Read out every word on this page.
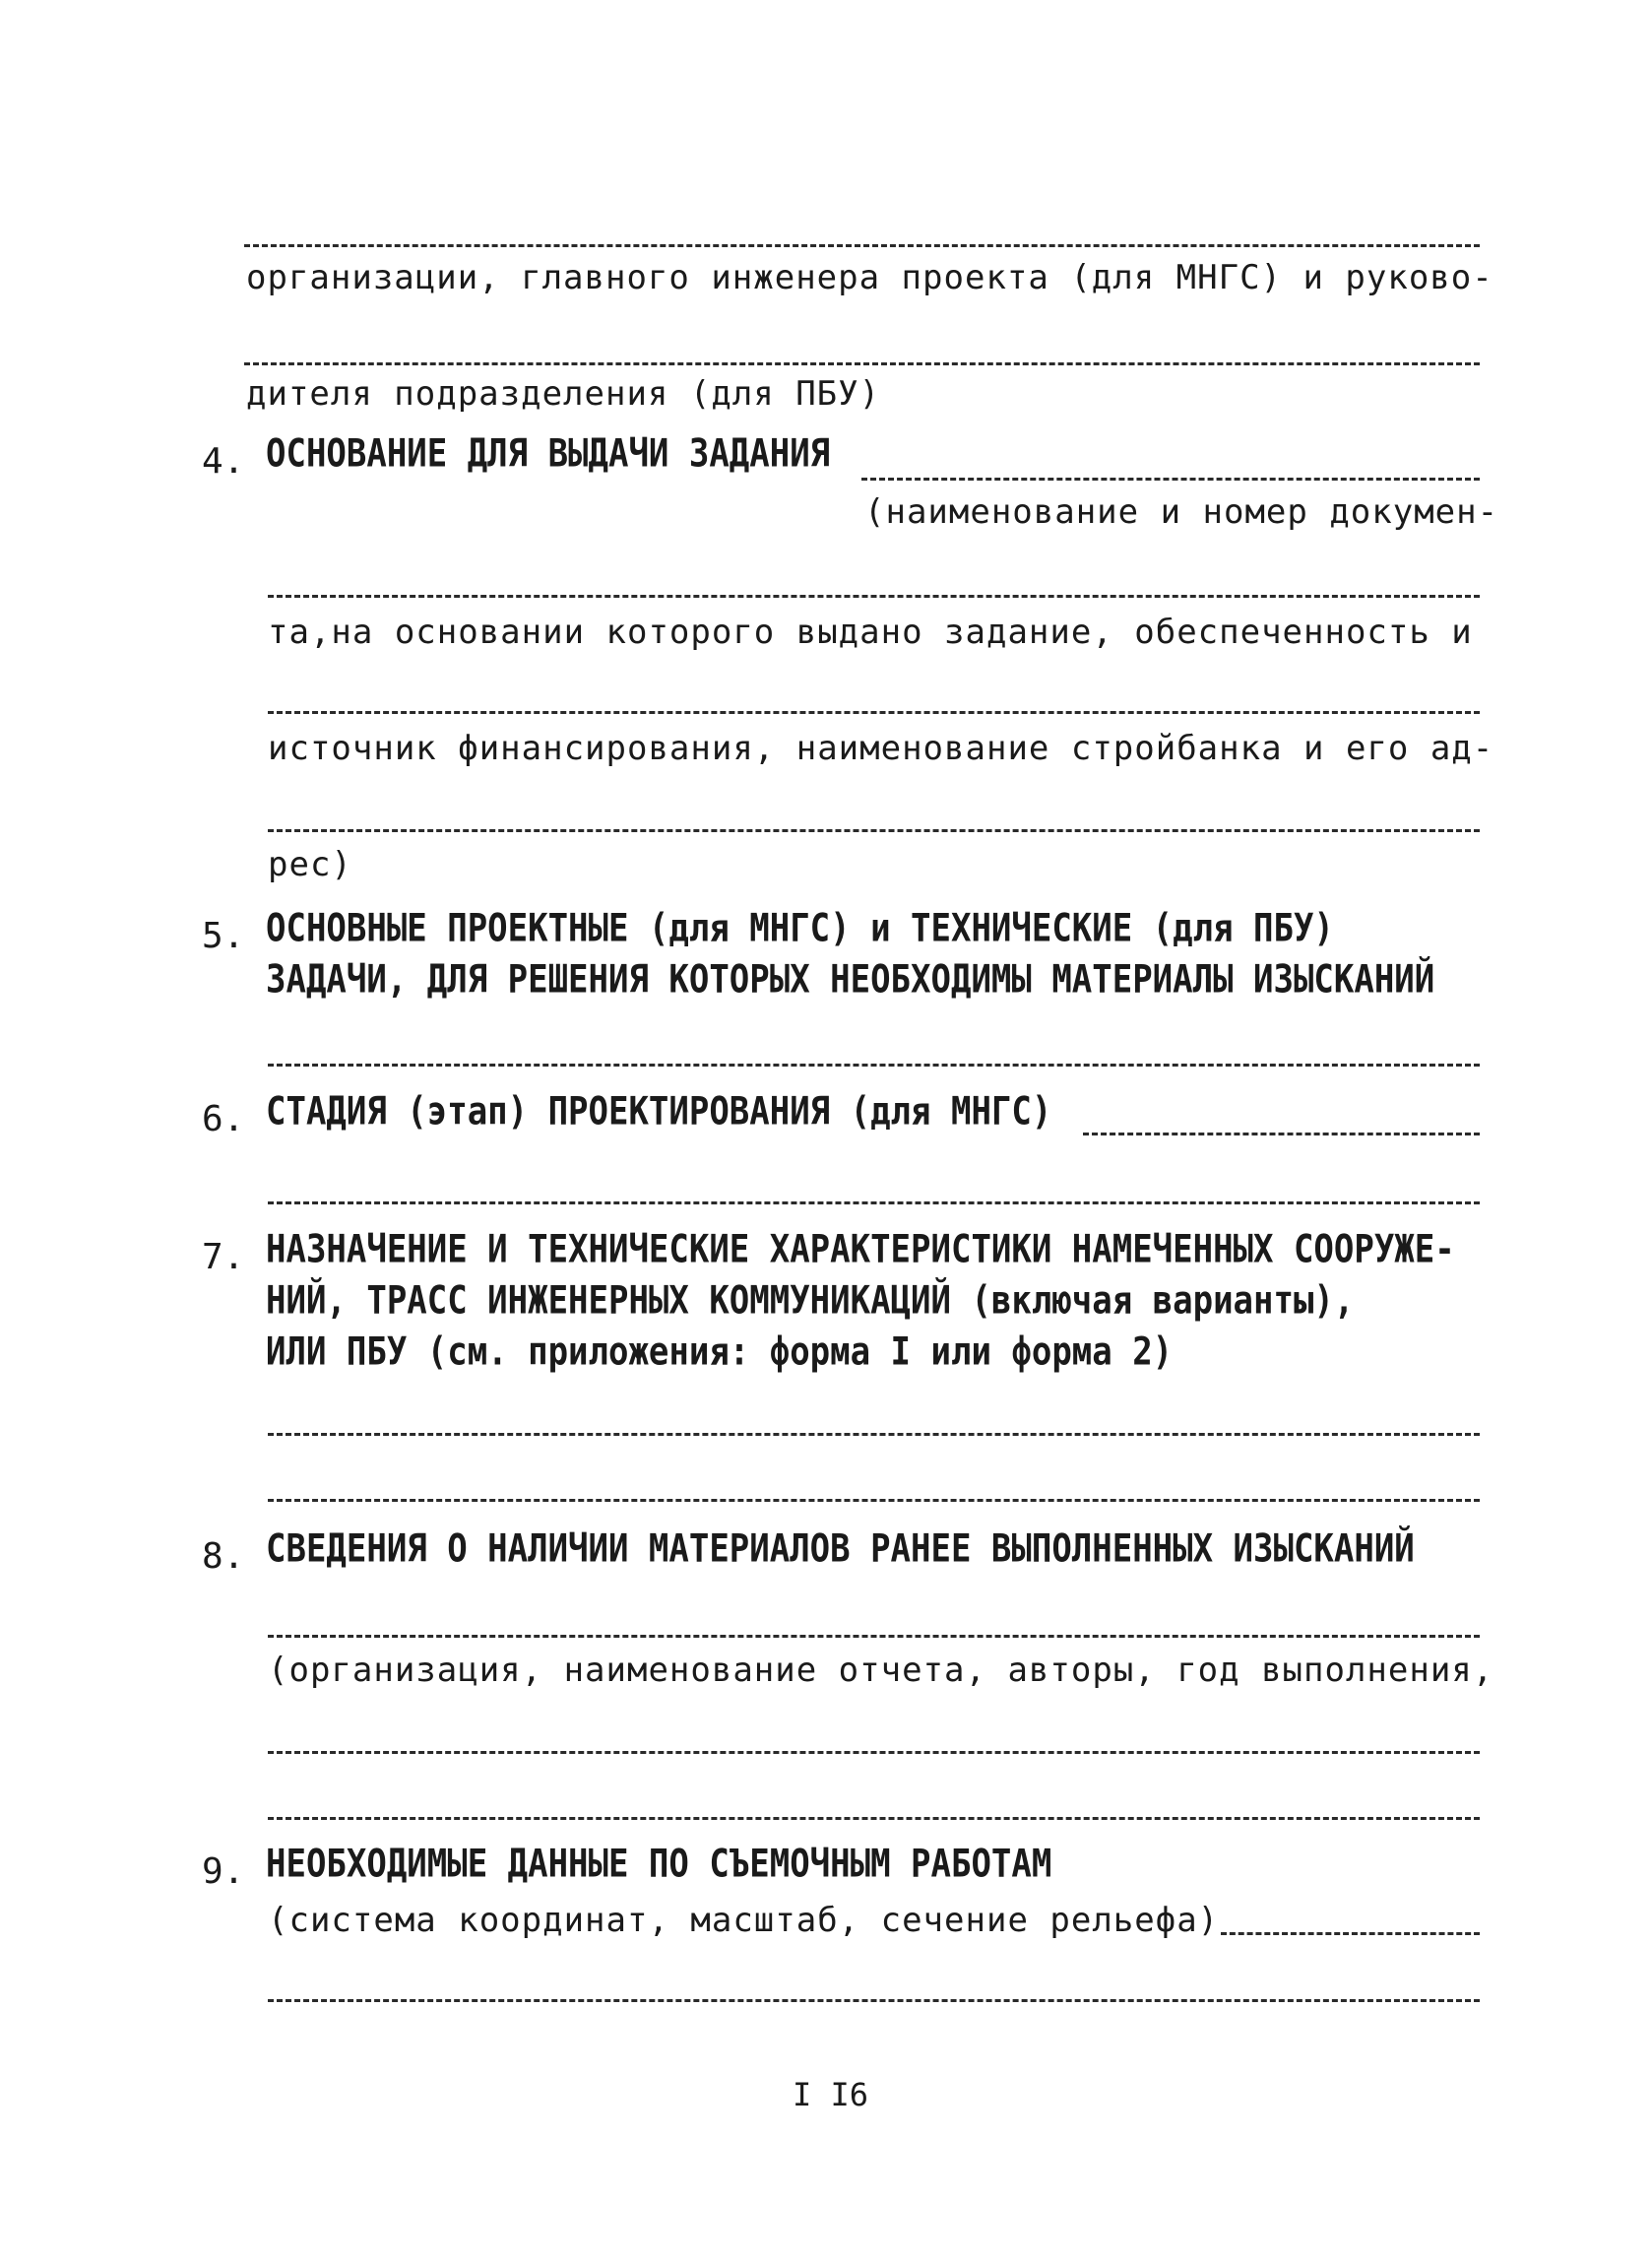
организации, главного инженера проекта (для МНГС) и руково-
дителя подразделения (для ПБУ)
4. ОСНОВАНИЕ ДЛЯ ВЫДАЧИ ЗАДАНИЯ
(наименование и номер докумен-
та,на основании которого выдано задание, обеспеченность и
источник финансирования, наименование стройбанка и его ад-
рес)
5. ОСНОВНЫЕ ПРОЕКТНЫЕ (для МНГС) и ТЕХНИЧЕСКИЕ (для ПБУ)
ЗАДАЧИ, ДЛЯ РЕШЕНИЯ КОТОРЫХ НЕОБХОДИМЫ МАТЕРИАЛЫ ИЗЫСКАНИЙ
6. СТАДИЯ (этап) ПРОЕКТИРОВАНИЯ (для МНГС)
7. НАЗНАЧЕНИЕ И ТЕХНИЧЕСКИЕ ХАРАКТЕРИСТИКИ НАМЕЧЕННЫХ СООРУЖЕ-
НИЙ, ТРАСС ИНЖЕНЕРНЫХ КОММУНИКАЦИЙ (включая варианты),
ИЛИ ПБУ (см. приложения: форма I или форма 2)
8. СВЕДЕНИЯ О НАЛИЧИИ МАТЕРИАЛОВ РАНЕЕ ВЫПОЛНЕННЫХ ИЗЫСКАНИЙ
(организация, наименование отчета, авторы, год выполнения,
9. НЕОБХОДИМЫЕ ДАННЫЕ ПО СЪЕМОЧНЫМ РАБОТАМ
(система координат, масштаб, сечение рельефа)
I I6
